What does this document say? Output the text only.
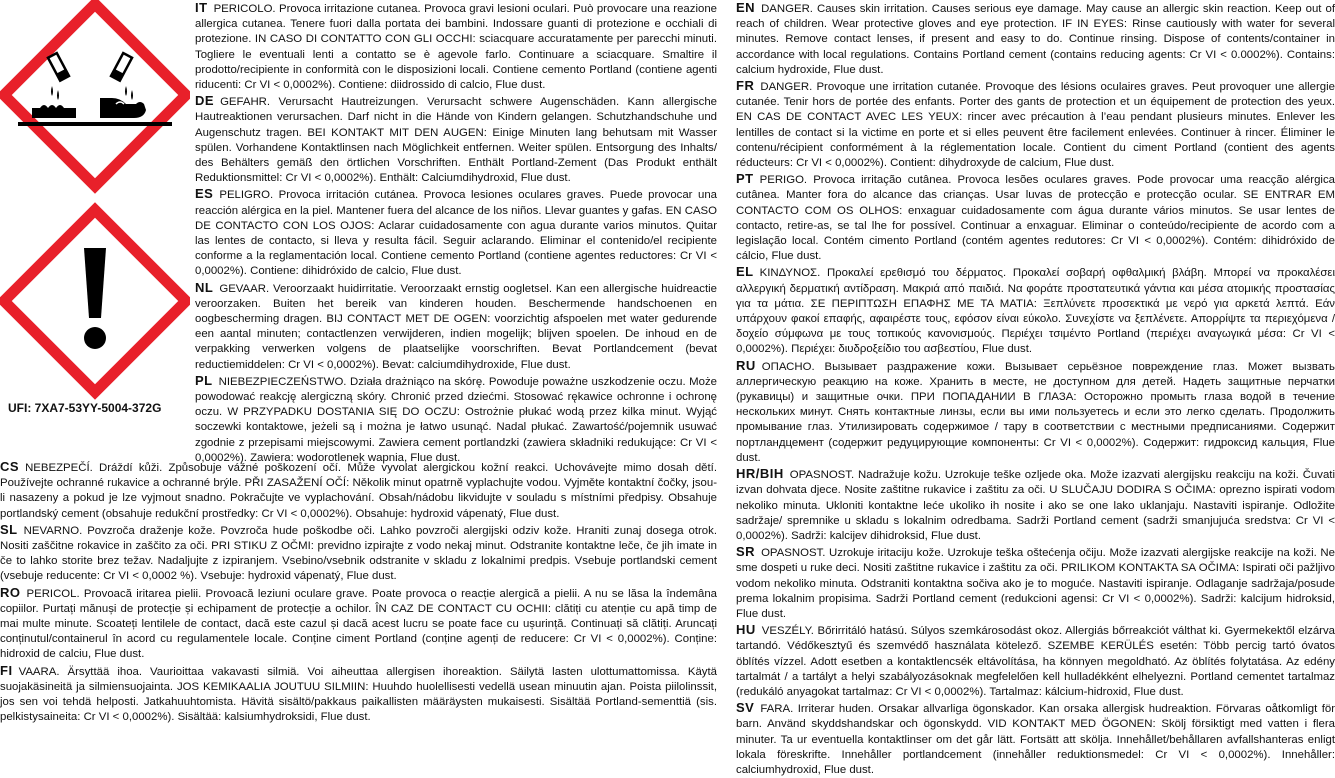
UFI: 7XA7-53YY-5004-372G

IT PERICOLO. Provoca irritazione cutanea. Provoca gravi lesioni oculari. Può provocare una reazione allergica cutanea. Tenere fuori dalla portata dei bambini. Indossare guanti di protezione e occhiali di protezione. IN CASO DI CONTATTO CON GLI OCCHI: sciacquare accuratamente per parecchi minuti. Togliere le eventuali lenti a contatto se è agevole farlo. Continuare a sciacquare. Smaltire il prodotto/recipiente in conformità con le disposizioni locali. Contiene cemento Portland (contiene agenti riducenti: Cr VI < 0,0002%). Contiene: diidrossido di calcio, Flue dust.

DE GEFAHR. Verursacht Hautreizungen. Verursacht schwere Augenschäden. Kann allergische Hautreaktionen verursachen. Darf nicht in die Hände von Kindern gelangen. Schutzhandschuhe und Augenschutz tragen. BEI KONTAKT MIT DEN AUGEN: Einige Minuten lang behutsam mit Wasser spülen. Vorhandene Kontaktlinsen nach Möglichkeit entfernen. Weiter spülen. Entsorgung des Inhalts/ des Behälters gemäß den örtlichen Vorschriften. Enthält Portland-Zement (Das Produkt enthält Reduktionsmittel: Cr VI < 0,0002%). Enthält: Calciumdihydroxid, Flue dust.

ES PELIGRO. Provoca irritación cutánea. Provoca lesiones oculares graves. Puede provocar una reacción alérgica en la piel. Mantener fuera del alcance de los niños. Llevar guantes y gafas. EN CASO DE CONTACTO CON LOS OJOS: Aclarar cuidadosamente con agua durante varios minutos. Quitar las lentes de contacto, si lleva y resulta fácil. Seguir aclarando. Eliminar el contenido/el recipiente conforme a la reglamentación local. Contiene cemento Portland (contiene agentes reductores: Cr VI < 0,0002%). Contiene: dihidróxido de calcio, Flue dust.

NL GEVAAR. Veroorzaakt huidirritatie. Veroorzaakt ernstig oogletsel. Kan een allergische huidreactie veroorzaken. Buiten het bereik van kinderen houden. Beschermende handschoenen en oogbescherming dragen. BIJ CONTACT MET DE OGEN: voorzichtig afspoelen met water gedurende een aantal minuten; contactlenzen verwijderen, indien mogelijk; blijven spoelen. De inhoud en de verpakking verwerken volgens de plaatselijke voorschriften. Bevat Portlandcement (bevat reductiemiddelen: Cr VI < 0,0002%). Bevat: calciumdihydroxide, Flue dust.

PL NIEBEZPIECZEŃSTWO. Działa drażniąco na skórę. Powoduje poważne uszkodzenie oczu. Może powodować reakcję alergiczną skóry. Chronić przed dziećmi. Stosować rękawice ochronne i ochronę oczu. W PRZYPADKU DOSTANIA SIĘ DO OCZU: Ostrożnie płukać wodą przez kilka minut. Wyjąć soczewki kontaktowe, jeżeli są i można je łatwo usunąć. Nadal płukać. Zawartość/pojemnik usuwać zgodnie z przepisami miejscowymi. Zawiera cement portlandzki (zawiera składniki redukujące: Cr VI < 0,0002%). Zawiera: wodorotlenek wapnia, Flue dust.

CS NEBEZPEČÍ. Dráždí kůži. Způsobuje vážné poškození očí. Může vyvolat alergickou kožní reakci. Uchovávejte mimo dosah dětí. Používejte ochranné rukavice a ochranné brýle. PŘI ZASAŽENÍ OČÍ: Několik minut opatrně vyplachujte vodou. Vyjměte kontaktní čočky, jsou-li nasazeny a pokud je lze vyjmout snadno. Pokračujte ve vyplachování. Obsah/nádobu likvidujte v souladu s místními předpisy. Obsahuje portlandský cement (obsahuje redukční prostředky: Cr VI < 0,0002%). Obsahuje: hydroxid vápenatý, Flue dust.

SL NEVARNO. Povzroča draženje kože. Povzroča hude poškodbe oči. Lahko povzroči alergijski odziv kože. Hraniti zunaj dosega otrok. Nositi zaščitne rokavice in zaščito za oči. PRI STIKU Z OČMI: previdno izpirajte z vodo nekaj minut. Odstranite kontaktne leče, če jih imate in če to lahko storite brez težav. Nadaljujte z izpiranjem. Vsebino/vsebnik odstranite v skladu z lokalnimi predpis. Vsebuje portlandski cement (vsebuje reducente: Cr VI < 0,0002 %). Vsebuje: hydroxid vápenatý, Flue dust.

RO PERICOL. Provoacă iritarea pielii. Provoacă leziuni oculare grave. Poate provoca o reacție alergică a pielii. A nu se lăsa la îndemâna copiilor. Purtați mănuși de protecție și echipament de protecție a ochilor. ÎN CAZ DE CONTACT CU OCHII: clătiți cu atenție cu apă timp de mai multe minute. Scoateți lentilele de contact, dacă este cazul și dacă acest lucru se poate face cu ușurință. Continuați să clătiți. Aruncați conținutul/containerul în acord cu regulamentele locale. Conține ciment Portland (conține agenți de reducere: Cr VI < 0,0002%). Conține: hidroxid de calciu, Flue dust.

FI VAARA. Ärsyttää ihoa. Vaurioittaa vakavasti silmiä. Voi aiheuttaa allergisen ihoreaktion. Säilytä lasten ulottumattomissa. Käytä suojakäsineitä ja silmiensuojainta. JOS KEMIKAALIA JOUTUU SILMIIN: Huuhdo huolellisesti vedellä usean minuutin ajan. Poista piilolinssit, jos sen voi tehdä helposti. Jatkahuuhtomista. Hävitä sisältö/pakkaus paikallisten määräysten mukaisesti. Sisältää Portland-sementtiä (sis. pelkistysaineita: Cr VI < 0,0002%). Sisältää: kalsiumhydroksidi, Flue dust.

EN DANGER. Causes skin irritation. Causes serious eye damage. May cause an allergic skin reaction. Keep out of reach of children. Wear protective gloves and eye protection. IF IN EYES: Rinse cautiously with water for several minutes. Remove contact lenses, if present and easy to do. Continue rinsing. Dispose of contents/container in accordance with local regulations. Contains Portland cement (contains reducing agents: Cr VI < 0.0002%). Contains: calcium hydroxide, Flue dust.

FR DANGER. Provoque une irritation cutanée. Provoque des lésions oculaires graves. Peut provoquer une allergie cutanée. Tenir hors de portée des enfants. Porter des gants de protection et un équipement de protection des yeux. EN CAS DE CONTACT AVEC LES YEUX: rincer avec précaution à l’eau pendant plusieurs minutes. Enlever les lentilles de contact si la victime en porte et si elles peuvent être facilement enlevées. Continuer à rincer. Éliminer le contenu/récipient conformément à la réglementation locale. Contient du ciment Portland (contient des agents réducteurs: Cr VI < 0,0002%). Contient: dihydroxyde de calcium, Flue dust.

PT PERIGO. Provoca irritação cutânea. Provoca lesões oculares graves. Pode provocar uma reacção alérgica cutânea. Manter fora do alcance das crianças. Usar luvas de protecção e protecção ocular. SE ENTRAR EM CONTACTO COM OS OLHOS: enxaguar cuidadosamente com água durante vários minutos. Se usar lentes de contacto, retire-as, se tal lhe for possível. Continuar a enxaguar. Eliminar o conteúdo/recipiente de acordo com a legislação local. Contém cimento Portland (contém agentes redutores: Cr VI < 0,0002%). Contém: dihidróxido de cálcio, Flue dust.

EL ΚΙΝΔΥΝΟΣ. Προκαλεί ερεθισμό του δέρματος. Προκαλεί σοβαρή οφθαλμική βλάβη. Μπορεί να προκαλέσει αλλεργική δερματική αντίδραση. Μακριά από παιδιά. Να φοράτε προστατευτικά γάντια και μέσα ατομικής προστασίας για τα μάτια. ΣΕ ΠΕΡΙΠΤΩΣΗ ΕΠΑΦΗΣ ΜΕ ΤΑ ΜΑΤΙΑ: Ξεπλύνετε προσεκτικά με νερό για αρκετά λεπτά. Εάν υπάρχουν φακοί επαφής, αφαιρέστε τους, εφόσον είναι εύκολο. Συνεχίστε να ξεπλένετε. Απορρίψτε τα περιεχόμενα / δοχείο σύμφωνα με τους τοπικούς κανονισμούς. Περιέχει τσιμέντο Portland (περιέχει αναγωγικά μέσα: Cr VI < 0,0002%). Περιέχει: διυδροξείδιο του ασβεστίου, Flue dust.

RU ОПАСНО. Вызывает раздражение кожи. Вызывает серьёзное повреждение глаз. Может вызвать аллергическую реакцию на коже. Хранить в месте, не доступном для детей. Надеть защитные перчатки (рукавицы) и защитные очки. ПРИ ПОПАДАНИИ В ГЛАЗА: Осторожно промыть глаза водой в течение нескольких минут. Снять контактные линзы, если вы ими пользуетесь и если это легко сделать. Продолжить промывание глаз. Утилизировать содержимое / тару в соответствии с местными предписаниями. Содержит портландцемент (содержит редуцирующие компоненты: Cr VI < 0,0002%). Содержит: гидроксид кальция, Flue dust.

HR/BIH OPASNOST. Nadražuje kožu. Uzrokuje teške ozljede oka. Može izazvati alergijsku reakciju na koži. Čuvati izvan dohvata djece. Nosite zaštitne rukavice i zaštitu za oči. U SLUČAJU DODIRA S OČIMA: oprezno ispirati vodom nekoliko minuta. Ukloniti kontaktne leće ukoliko ih nosite i ako se one lako uklanjaju. Nastaviti ispiranje. Odložite sadržaje/ spremnike u skladu s lokalnim odredbama. Sadrži Portland cement (sadrži smanjujuća sredstva: Cr VI < 0,0002%). Sadrži: kalcijev dihidroksid, Flue dust.

SR OPASNOST. Uzrokuje iritaciju kože. Uzrokuje teška oštećenja očiju. Može izazvati alergijske reakcije na koži. Ne sme dospeti u ruke deci. Nositi zaštitne rukavice i zaštitu za oči. PRILIKOM KONTAKTA SA OČIMA: Ispirati oči pažljivo vodom nekoliko minuta. Odstraniti kontaktna sočiva ako je to moguće. Nastaviti ispiranje. Odlaganje sadržaja/posude prema lokalnim propisima. Sadrži Portland cement (redukcioni agensi: Cr VI < 0,0002%). Sadrži: kalcijum hidroksid, Flue dust.

HU VESZÉLY. Bőrirritáló hatású. Súlyos szemkárosodást okoz. Allergiás bőrreakciót válthat ki. Gyermekektől elzárva tartandó. Védőkesztyű és szemvédő használata kötelező. SZEMBE KERÜLÉS esetén: Több percig tartó óvatos öblítés vízzel. Adott esetben a kontaktlencsék eltávolítása, ha könnyen megoldható. Az öblítés folytatása. Az edény tartalmát / a tartályt a helyi szabályozásoknak megfelelően kell hulladékként elhelyezni. Portland cementet tartalmaz (redukáló anyagokat tartalmaz: Cr VI < 0,0002%). Tartalmaz: kálcium-hidroxid, Flue dust.

SV FARA. Irriterar huden. Orsakar allvarliga ögonskador. Kan orsaka allergisk hudreaktion. Förvaras oåtkomligt för barn. Använd skyddshandskar och ögonskydd. VID KONTAKT MED ÖGONEN: Skölj försiktigt med vatten i flera minuter. Ta ur eventuella kontaktlinser om det går lätt. Fortsätt att skölja. Innehållet/behållaren avfallshanteras enligt lokala föreskrifte. Innehåller portlandcement (innehåller reduktionsmedel: Cr VI < 0,0002%). Innehåller: calciumhydroxid, Flue dust.
